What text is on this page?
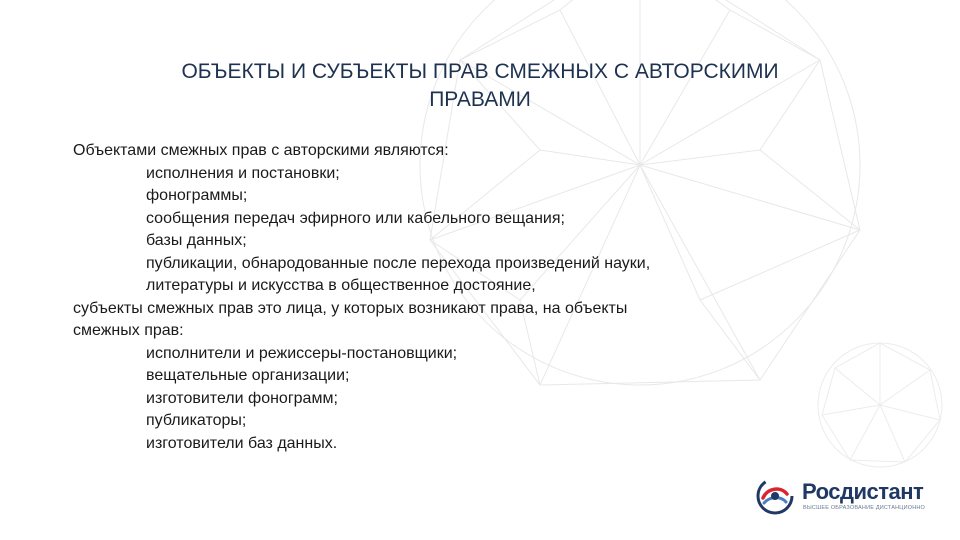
ОБЪЕКТЫ И СУБЪЕКТЫ ПРАВ СМЕЖНЫХ С АВТОРСКИМИ
ПРАВАМИ
Объектами смежных прав с авторскими являются:
исполнения и постановки;
фонограммы;
сообщения передач эфирного или кабельного вещания;
базы данных;
публикации, обнародованные после перехода произведений науки,
литературы и искусства в общественное достояние,
субъекты смежных прав это лица, у которых возникают права, на объекты
смежных прав:
исполнители и режиссеры-постановщики;
вещательные организации;
изготовители фонограмм;
публикаторы;
изготовители баз данных.
Росдистант
ВЫСШЕЕ ОБРАЗОВАНИЕ ДИСТАНЦИОННО
